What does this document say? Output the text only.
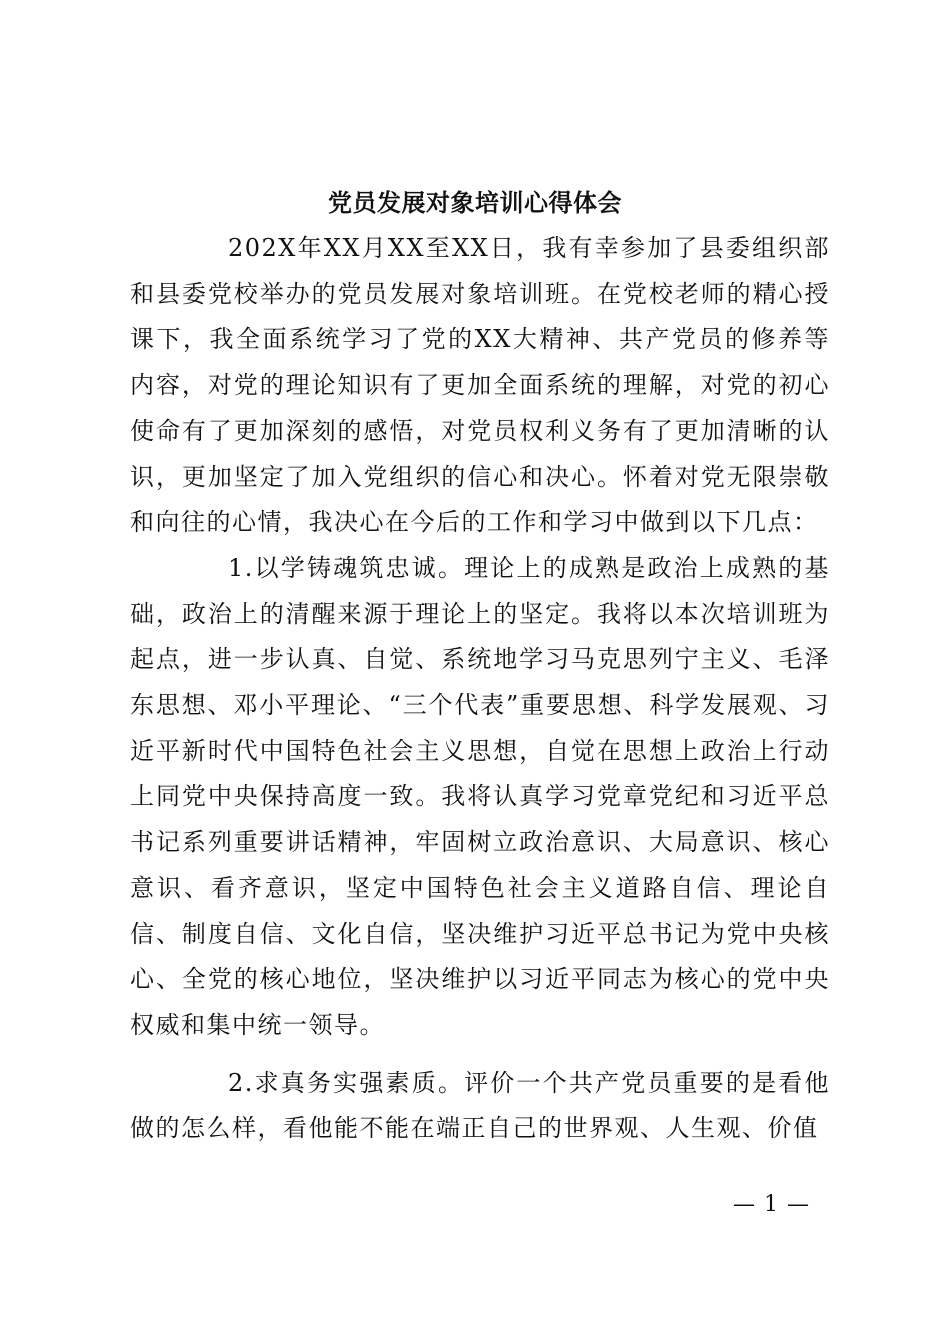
党员发展对象培训心得体会

202X年XX月XX至XX日，我有幸参加了县委组织部和县委党校举办的党员发展对象培训班。在党校老师的精心授课下，我全面系统学习了党的XX大精神、共产党员的修养等内容，对党的理论知识有了更加全面系统的理解，对党的初心使命有了更加深刻的感悟，对党员权利义务有了更加清晰的认识，更加坚定了加入党组织的信心和决心。怀着对党无限崇敬和向往的心情，我决心在今后的工作和学习中做到以下几点：

1.以学铸魂筑忠诚。理论上的成熟是政治上成熟的基础，政治上的清醒来源于理论上的坚定。我将以本次培训班为起点，进一步认真、自觉、系统地学习马克思列宁主义、毛泽东思想、邓小平理论、“三个代表”重要思想、科学发展观、习近平新时代中国特色社会主义思想，自觉在思想上政治上行动上同党中央保持高度一致。我将认真学习党章党纪和习近平总书记系列重要讲话精神，牢固树立政治意识、大局意识、核心意识、看齐意识，坚定中国特色社会主义道路自信、理论自信、制度自信、文化自信，坚决维护习近平总书记为党中央核心、全党的核心地位，坚决维护以习近平同志为核心的党中央权威和集中统一领导。

2.求真务实强素质。评价一个共产党员重要的是看他做的怎么样，看他能不能在端正自己的世界观、人生观、价值

— 1 —
